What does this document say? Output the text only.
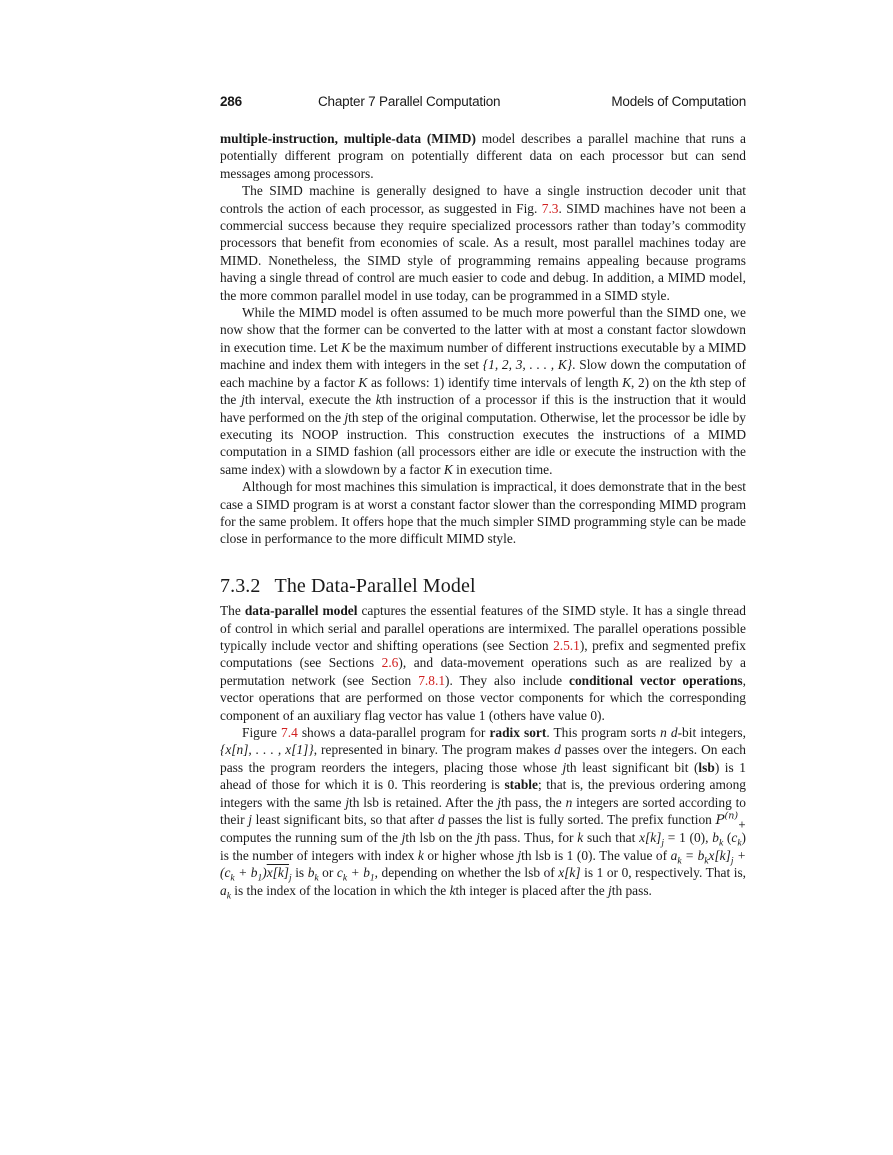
286	Chapter 7 Parallel Computation	Models of Computation

multiple-instruction, multiple-data (MIMD) model describes a parallel machine that runs a potentially different program on potentially different data on each processor but can send messages among processors.

The SIMD machine is generally designed to have a single instruction decoder unit that controls the action of each processor, as suggested in Fig. 7.3. SIMD machines have not been a commercial success because they require specialized processors rather than today’s commodity processors that benefit from economies of scale. As a result, most parallel machines today are MIMD. Nonetheless, the SIMD style of programming remains appealing because programs having a single thread of control are much easier to code and debug. In addition, a MIMD model, the more common parallel model in use today, can be programmed in a SIMD style.

While the MIMD model is often assumed to be much more powerful than the SIMD one, we now show that the former can be converted to the latter with at most a constant factor slowdown in execution time. Let K be the maximum number of different instructions executable by a MIMD machine and index them with integers in the set {1, 2, 3, . . . , K}. Slow down the computation of each machine by a factor K as follows: 1) identify time intervals of length K, 2) on the kth step of the jth interval, execute the kth instruction of a processor if this is the instruction that it would have performed on the jth step of the original computation. Otherwise, let the processor be idle by executing its NOOP instruction. This construction executes the instructions of a MIMD computation in a SIMD fashion (all processors either are idle or execute the instruction with the same index) with a slowdown by a factor K in execution time.

Although for most machines this simulation is impractical, it does demonstrate that in the best case a SIMD program is at worst a constant factor slower than the corresponding MIMD program for the same problem. It offers hope that the much simpler SIMD programming style can be made close in performance to the more difficult MIMD style.

7.3.2 The Data-Parallel Model

The data-parallel model captures the essential features of the SIMD style. It has a single thread of control in which serial and parallel operations are intermixed. The parallel operations possible typically include vector and shifting operations (see Section 2.5.1), prefix and segmented prefix computations (see Sections 2.6), and data-movement operations such as are realized by a permutation network (see Section 7.8.1). They also include conditional vector operations, vector operations that are performed on those vector components for which the corresponding component of an auxiliary flag vector has value 1 (others have value 0).

Figure 7.4 shows a data-parallel program for radix sort. This program sorts n d-bit integers, {x[n], . . . , x[1]}, represented in binary. The program makes d passes over the integers. On each pass the program reorders the integers, placing those whose jth least significant bit (lsb) is 1 ahead of those for which it is 0. This reordering is stable; that is, the previous ordering among integers with the same jth lsb is retained. After the jth pass, the n integers are sorted according to their j least significant bits, so that after d passes the list is fully sorted. The prefix function $P^{(n)}_+$ computes the running sum of the jth lsb on the jth pass. Thus, for k such that $x[k]_j = 1$ (0), $b_k$ $(c_k)$ is the number of integers with index k or higher whose jth lsb is 1 (0). The value of $a_k = b_kx[k]_j + (c_k + b_1)x[k]_j$ is $b_k$ or $c_k + b_1$, depending on whether the lsb of x[k] is 1 or 0, respectively. That is, $a_k$ is the index of the location in which the kth integer is placed after the jth pass.
